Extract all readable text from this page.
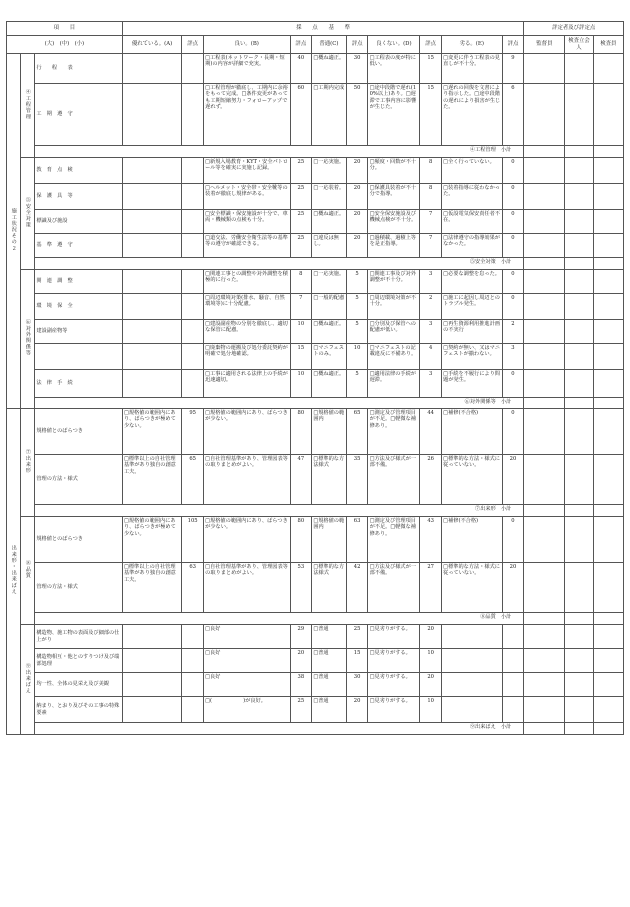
項　　目			採　　点　　基　　準										評定者及び評定点		
(大)　(中)　(小)			優れている。(A)	評点	良い。(B)	評点	普通(C)	評点	良くない。(D)	評点	劣る。(E)	評点	監督員	検査立会人	検査員
施工状況その２	④工程管理	行　　程　　表			□工程表(ネットワーク・長期・短期)の内容が詳細で充実。	40	□概ね適正。	30	□工程表の度が特に低い。	15	□変更に伴う工程表の見直しが不十分。	9			
		工　期　遵　守			□工程管理が徹底し、工期内に余裕をもって完成。□条件変更があっても工期短縮努力・フォローアップで遅れず。	60	□工期内完成	50	□途中段階で遅れ(10%以上)あり。□遅滞で工事内容に影響が生じた。	15	□遅れの回復を文書により指示した。□途中段階の遅れにより損害が生じた。	6			
		④工程管理　小計													
	⑤安全対策	教　育　点　検			□新規入場教育・KYT・安全パトロール等を確実に実施し記録。	25	□一応実施。	20	□頻度・回数が不十分。	8	□全く行っていない。	0			
		保　護　具　等			□ヘルメット・安全帯・安全靴等の装着が徹底し規律がある。	25	□一応装着。	20	□保護具装着が不十分で指導。	8	□装着指導に従わなかった。	0			
		標識及び施設			□安全標識・保安施設が十分で、車両・機械類の点検も十分。	25	□概ね適正。	20	□安全保安施設及び機械点検が不十分。	7	□仮設電気保安責任者不在。	0			
		基　準　遵　守			□道交法、労働安全衛生法等の基準等の遵守が確認できる。	25	□違反は無し。	20	□過積載、過積上等を是正指導。	7	□法律遵守の指導効果がなかった。	0			
		⑤安全対策　小計													
	⑥対外関係等	関　連　調　整			□関連工事との調整や対外調整を積極的に行った。	8	□一応実施。	5	□関連工事及び対外調整が不十分。	3	□必要な調整を怠った。	0			
		環　境　保　全			□周辺環境対策(排水、騒音、自然環境等)に十分配慮。	7	□一般的配慮	5	□周辺環境対策が不十分。	2	□施工に起因し周辺とのトラブル発生。	0			
		建設副産物等			□建設副産物の分別を徹底し、適切な保管に配慮。	10	□概ね適正。	5	□分別及び保管への配慮が低い。	3	□再生資源利用推進計画の不実行	2			
					□廃棄物の運搬及び処分委託契約が明確で処分地確認。	15	□マニフェストのみ。	10	□マニフェストの記載違反に不備あり。	4	□契約が無い、又はマニフェストが揃わない。	3			
		法　律　手　続			□工事に適用される法律上の手続が迅速適切。	10	□概ね適正。	5	□適用法律の手続が遅滞。	3	□手続を不履行により問題が発生。	0			
		⑥対外関係等　小計													
出来形・出来ばえ	⑦出来形	規格値とのばらつき	□規格値の範囲内にあり、ばらつきが極めて少ない。	95	□規格値の範囲内にあり、ばらつきが少ない。	80	□規格値の範囲内	65	□測定及び管理項目が不足。□軽微な補修あり。	44	□補修(不合格)	0			
		管理の方法・様式	□標準以上の自社管理基準があり独自の創意工夫。	65	□自社管理基準があり、管理図表等の取りまとめがよい。	47	□標準的な方法様式	35	□方法及び様式が一部不備。	26	□標準的な方法・様式に従っていない。	20			
		⑦出来形　小計													
	⑧品質	規格値とのばらつき	□規格値の範囲内にあり、ばらつきが極めて少ない。	105	□規格値の範囲内にあり、ばらつきが少ない。	80	□規格値の範囲内	63	□測定及び管理項目が不足。□軽微な補修あり。	43	□補修(不合格)	0			
		管理の方法・様式	□標準以上の自社管理基準があり独自の創意工夫。	63	□自社管理基準があり、管理図表等の取りまとめがよい。	53	□標準的な方法様式	42	□方法及び様式が一部不備。	27	□標準的な方法・様式に従っていない。	20			
		⑧品質　小計													
	⑨出来ばえ	構造物、施工物の表面及び細部の仕上がり			□良好	29	□普通	25	□見劣りがする。	20					
		構造物相互・他とのすりつけ及び端部処理			□良好	20	□普通	15	□見劣りがする。	10					
		均一性、全体の見栄え及び美観			□良好	38	□普通	30	□見劣りがする。	20					
		納まり、とおり及びその工事の特殊要素			□(　　　　　　)が良好。	25	□普通	20	□見劣りがする。	10					
		⑨出来ばえ　小計													
